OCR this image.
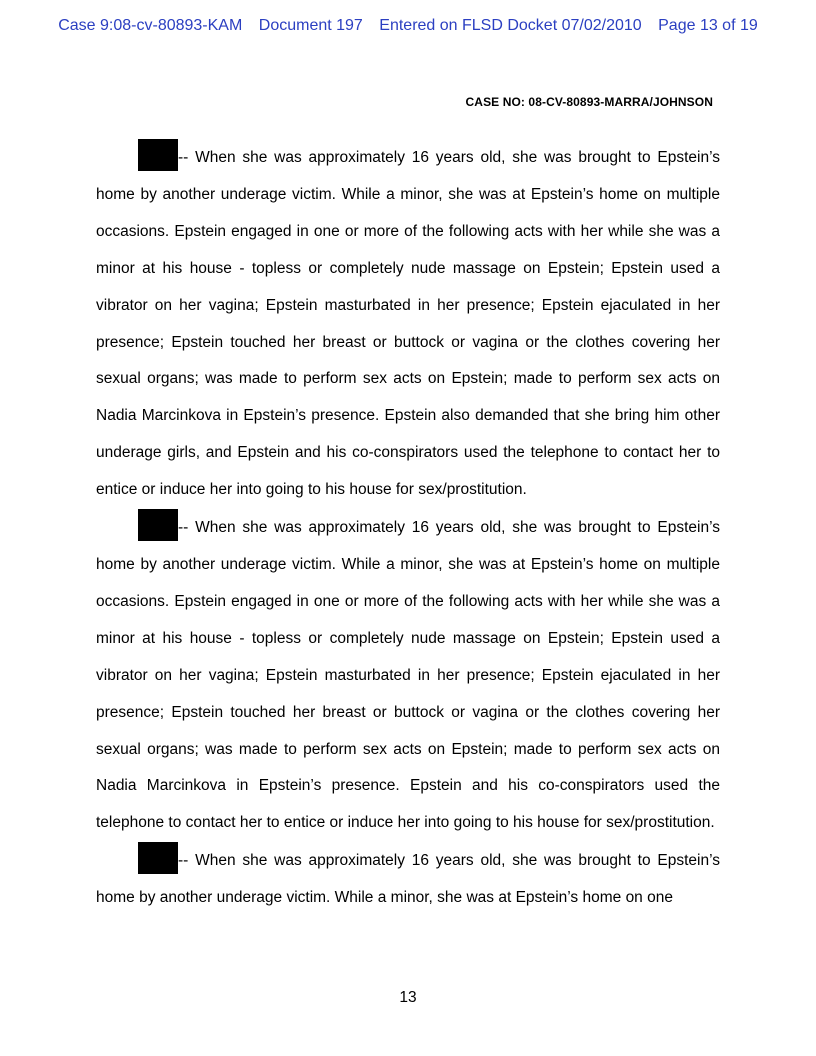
Case 9:08-cv-80893-KAM Document 197 Entered on FLSD Docket 07/02/2010 Page 13 of 19
CASE NO: 08-CV-80893-MARRA/JOHNSON

-- When she was approximately 16 years old, she was brought to Epstein’s home by another underage victim. While a minor, she was at Epstein’s home on multiple occasions. Epstein engaged in one or more of the following acts with her while she was a minor at his house - topless or completely nude massage on Epstein; Epstein used a vibrator on her vagina; Epstein masturbated in her presence; Epstein ejaculated in her presence; Epstein touched her breast or buttock or vagina or the clothes covering her sexual organs; was made to perform sex acts on Epstein; made to perform sex acts on Nadia Marcinkova in Epstein’s presence. Epstein also demanded that she bring him other underage girls, and Epstein and his co-conspirators used the telephone to contact her to entice or induce her into going to his house for sex/prostitution.

-- When she was approximately 16 years old, she was brought to Epstein’s home by another underage victim. While a minor, she was at Epstein’s home on multiple occasions. Epstein engaged in one or more of the following acts with her while she was a minor at his house - topless or completely nude massage on Epstein; Epstein used a vibrator on her vagina; Epstein masturbated in her presence; Epstein ejaculated in her presence; Epstein touched her breast or buttock or vagina or the clothes covering her sexual organs; was made to perform sex acts on Epstein; made to perform sex acts on Nadia Marcinkova in Epstein’s presence. Epstein and his co-conspirators used the telephone to contact her to entice or induce her into going to his house for sex/prostitution.

-- When she was approximately 16 years old, she was brought to Epstein’s home by another underage victim. While a minor, she was at Epstein’s home on one

13
